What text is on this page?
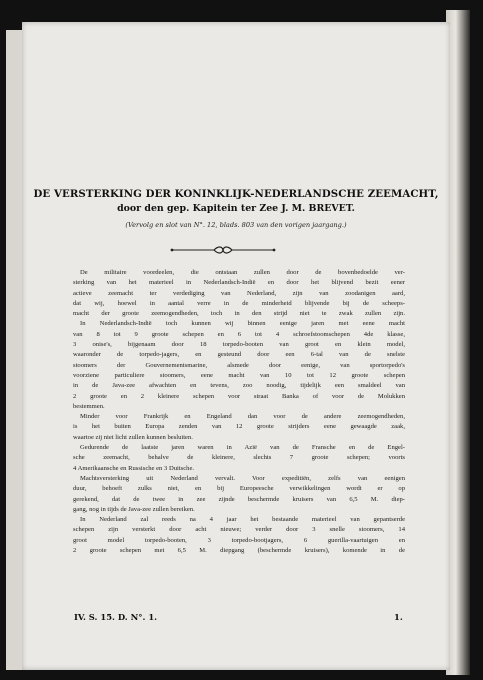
DE VERSTERKING DER KONINKLIJK-NEDERLANDSCHE ZEEMACHT,
door den gep. Kapitein ter Zee J. M. BREVET.
(Vervolg en slot van N°. 12, blads. 803 van den vorigen jaargang.)
De militaire voordeelen, die ontstaan zullen door de bovenbedoelde ver-
sterking van het materieel in Nederlandsch-Indië en door het blijvend bezit eener
actieve zeemacht ter verdediging van Nederland, zijn van zoodanigen aard,
dat wij, hoewel in aantal verre in de minderheid blijvende bij de scheeps-
macht der groote zeemogendheden, toch in den strijd niet te zwak zullen zijn.
In Nederlandsch-Indië toch kunnen wij binnen eenige jaren met eene macht
van 8 tot 9 groote schepen en 6 tot 4 schroefstoomschepen 4de klasse,
3 onise's, bijgenaam door 18 torpedo-booten van groot en klein model,
waaronder de torpedo-jagers, en gesteund door een 6-tal van de snelste
stoomers der Gouvernementsmarine, alsmede door eenige, van sportorpedo's
voorziene particuliere stoomers, eene macht van 10 tot 12 groote schepen
in de Java-zee afwachten en tevens, zoo noodig, tijdelijk een smaldeel van
2 groote en 2 kleinere schepen voor straat Banka of voor de Molukken
bestemmen.
Minder voor Frankrijk en Engeland dan voor de andere zeemogendheden,
is het buiten Europa zenden van 12 groote strijders eene gewaagde zaak,
waartoe zij niet licht zullen kunnen besluiten.
Gedurende de laatste jaren waren in Azië van de Fransche en de Engel-
sche zeemacht, behalve de kleinere, slechts 7 groote schepen; voorts
4 Amerikaansche en Russische en 3 Duitsche.
Machtsversterking uit Nederland vervalt. Voor expeditiën, zelfs van eenigen
duur, behoeft zulks niet, en bij Europeesche verwikkelingen wordt er op
gerekend, dat de twee in zee zijnde beschermde kruisers van 6,5 M. diep-
gang, nog in tijds de Java-zee zullen bereiken.
In Nederland zal reeds na 4 jaar het bestaande materieel van gepantserde
schepen zijn versterkt door acht nieuwe; verder door 3 snelle stoomers, 14
groot model torpedo-booten, 3 torpedo-bootjagers, 6 guerilla-vaartuigen en
2 groote schepen met 6,5 M. diepgang (beschermde kruisers), komende in de
IV. S. 15. D. N°. 1.	1.
